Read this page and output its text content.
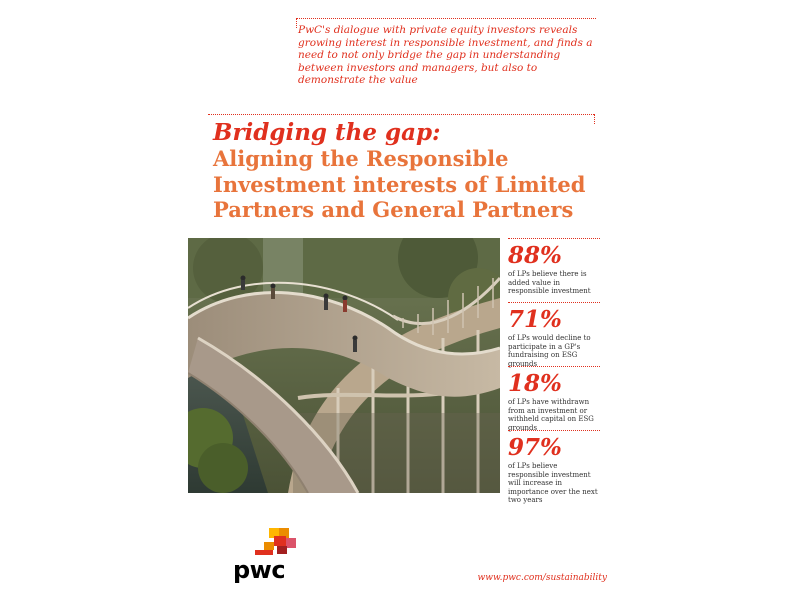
PwC's dialogue with private equity investors reveals growing interest in responsible investment, and finds a need to not only bridge the gap in understanding between investors and managers, but also to demonstrate the value

Bridging the gap:
Aligning the Responsible Investment interests of Limited Partners and General Partners
88%
of LPs believe there is added value in responsible investment
71%
of LPs would decline to participate in a GP's fundraising on ESG grounds
18%
of LPs have withdrawn from an investment or withheld capital on ESG grounds
97%
of LPs believe responsible investment will increase in importance over the next two years
pwc	www.pwc.com/sustainability
